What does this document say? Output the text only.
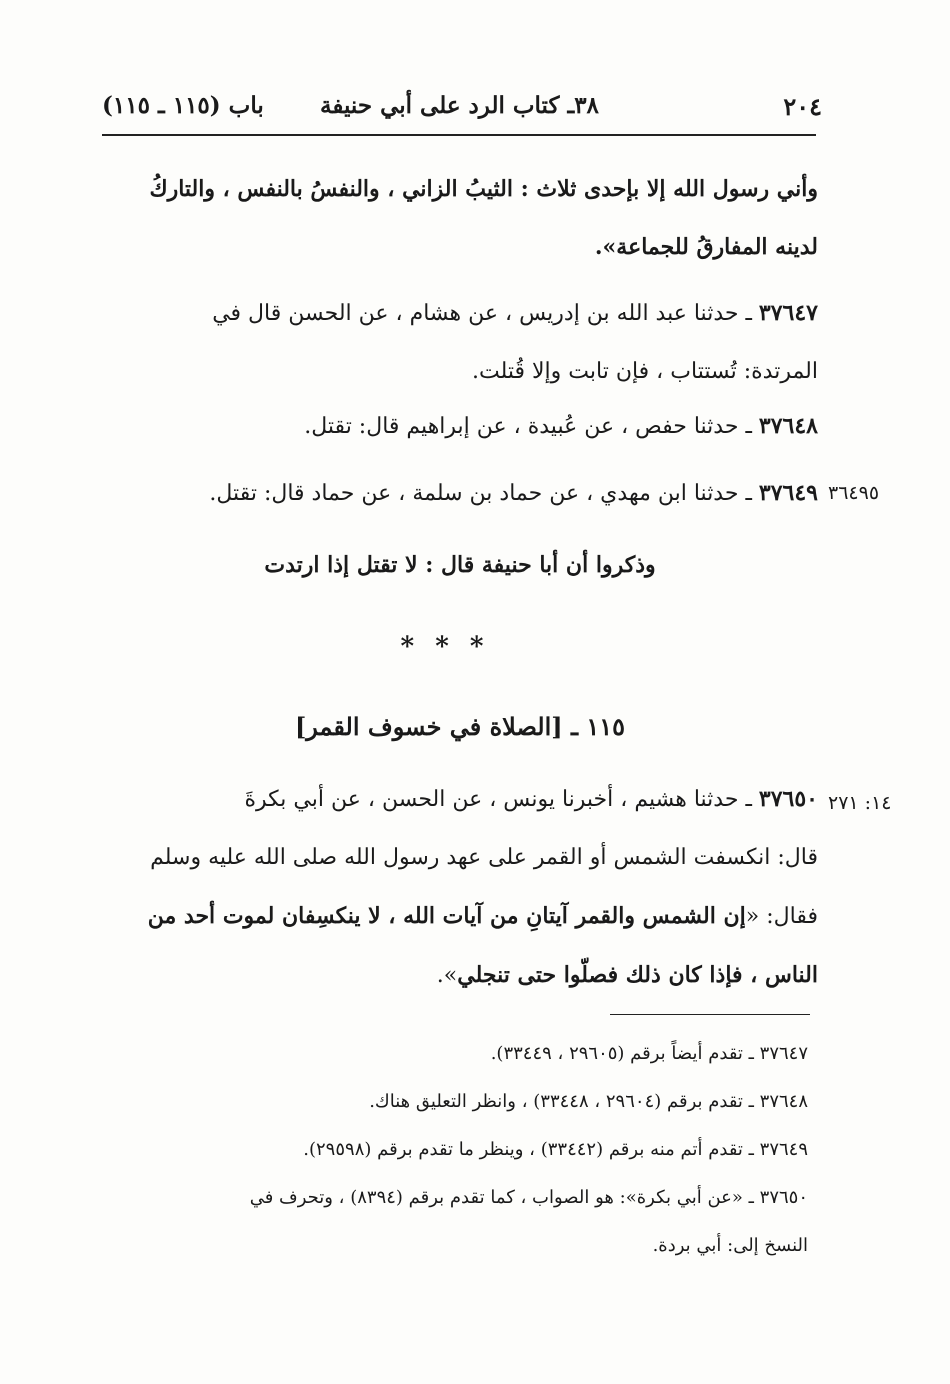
٢٠٤
٣٨ـ كتاب الرد على أبي حنيفة
باب (١١٥ ـ ١١٥)
وأني رسول الله إلا بإحدى ثلاث : الثيبُ الزاني ، والنفسُ بالنفس ، والتاركُ
لدينه المفارقُ للجماعة».
٣٧٦٤٧ ـ حدثنا عبد الله بن إدريس ، عن هشام ، عن الحسن قال في
المرتدة: تُستتاب ، فإن تابت وإلا قُتلت.
٣٧٦٤٨ ـ حدثنا حفص ، عن عُبيدة ، عن إبراهيم قال: تقتل.
٣٦٤٩٥
٣٧٦٤٩ ـ حدثنا ابن مهدي ، عن حماد بن سلمة ، عن حماد قال: تقتل.
وذكروا أن أبا حنيفة قال : لا تقتل إذا ارتدت
* * *
١١٥ ـ [الصلاة في خسوف القمر]
١٤: ٢٧١
٣٧٦٥٠ ـ حدثنا هشيم ، أخبرنا يونس ، عن الحسن ، عن أبي بكرةَ
قال: انكسفت الشمس أو القمر على عهد رسول الله صلى الله عليه وسلم
فقال: «إن الشمس والقمر آيتانِ من آيات الله ، لا ينكسِفان لموت أحد من
الناس ، فإذا كان ذلك فصلّوا حتى تنجلي».
٣٧٦٤٧ ـ تقدم أيضاً برقم (٢٩٦٠٥ ، ٣٣٤٤٩).
٣٧٦٤٨ ـ تقدم برقم (٢٩٦٠٤ ، ٣٣٤٤٨) ، وانظر التعليق هناك.
٣٧٦٤٩ ـ تقدم أتم منه برقم (٣٣٤٤٢) ، وينظر ما تقدم برقم (٢٩٥٩٨).
٣٧٦٥٠ ـ «عن أبي بكرة»: هو الصواب ، كما تقدم برقم (٨٣٩٤) ، وتحرف في
النسخ إلى: أبي بردة.
